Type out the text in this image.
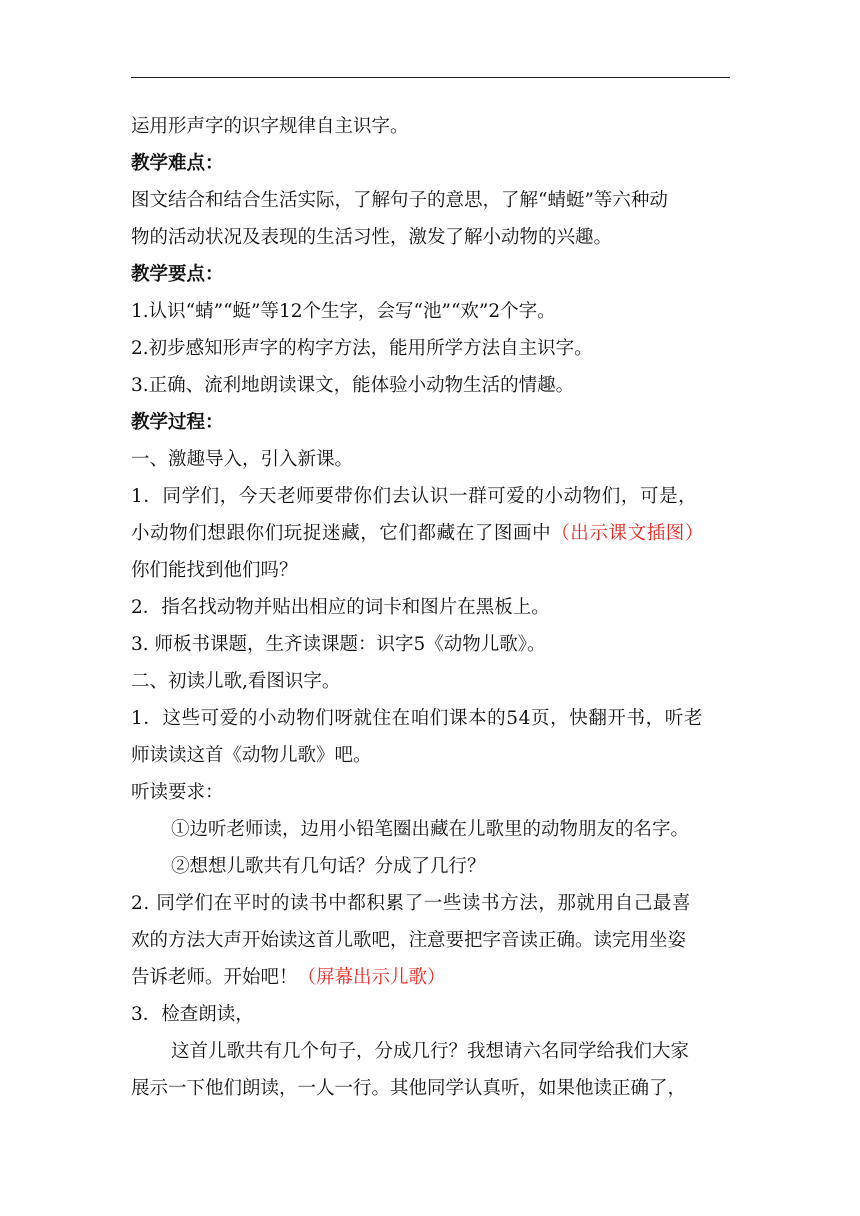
运用形声字的识字规律自主识字。
教学难点：
图文结合和结合生活实际，了解句子的意思，了解“蜻蜓”等六种动
物的活动状况及表现的生活习性，激发了解小动物的兴趣。
教学要点：
1.认识“蜻”“蜓”等12个生字，会写“池”“欢”2个字。
2.初步感知形声字的构字方法，能用所学方法自主识字。
3.正确、流利地朗读课文，能体验小动物生活的情趣。
教学过程：
一、激趣导入，引入新课。
1．同学们，今天老师要带你们去认识一群可爱的小动物们，可是，
小动物们想跟你们玩捉迷藏，它们都藏在了图画中（出示课文插图）
你们能找到他们吗？
2．指名找动物并贴出相应的词卡和图片在黑板上。
3. 师板书课题，生齐读课题：识字5《动物儿歌》。
二、初读儿歌,看图识字。
1．这些可爱的小动物们呀就住在咱们课本的54页，快翻开书，听老
师读读这首《动物儿歌》吧。
听读要求：
①边听老师读，边用小铅笔圈出藏在儿歌里的动物朋友的名字。
②想想儿歌共有几句话？分成了几行？
2. 同学们在平时的读书中都积累了一些读书方法，那就用自己最喜
欢的方法大声开始读这首儿歌吧，注意要把字音读正确。读完用坐姿
告诉老师。开始吧！（屏幕出示儿歌）
3．检查朗读，
这首儿歌共有几个句子，分成几行？我想请六名同学给我们大家
展示一下他们朗读，一人一行。其他同学认真听，如果他读正确了，
